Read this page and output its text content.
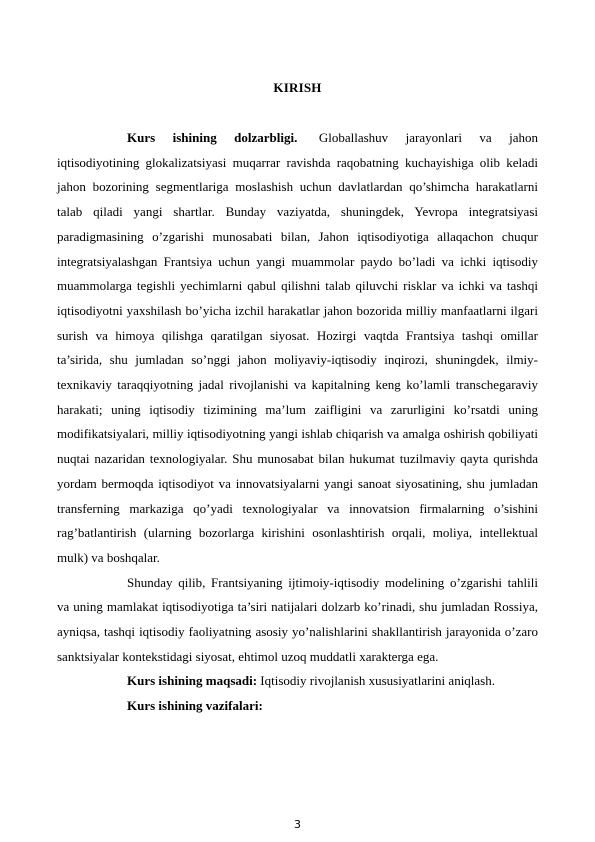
KIRISH

Kurs ishining dolzarbligi. Globallashuv jarayonlari va jahon iqtisodiyotining glokalizatsiyasi muqarrar ravishda raqobatning kuchayishiga olib keladi jahon bozorining segmentlariga moslashish uchun davlatlardan qo’shimcha harakatlarni talab qiladi yangi shartlar. Bunday vaziyatda, shuningdek, Yevropa integratsiyasi paradigmasining o’zgarishi munosabati bilan, Jahon iqtisodiyotiga allaqachon chuqur integratsiyalashgan Frantsiya uchun yangi muammolar paydo bo’ladi va ichki iqtisodiy muammolarga tegishli yechimlarni qabul qilishni talab qiluvchi risklar va ichki va tashqi iqtisodiyotni yaxshilash bo’yicha izchil harakatlar jahon bozorida milliy manfaatlarni ilgari surish va himoya qilishga qaratilgan siyosat. Hozirgi vaqtda Frantsiya tashqi omillar ta’sirida, shu jumladan so’nggi jahon moliyaviy-iqtisodiy inqirozi, shuningdek, ilmiy-texnikaviy taraqqiyotning jadal rivojlanishi va kapitalning keng ko’lamli transchegaraviy harakati; uning iqtisodiy tizimining ma’lum zaifligini va zarurligini ko’rsatdi uning modifikatsiyalari, milliy iqtisodiyotning yangi ishlab chiqarish va amalga oshirish qobiliyati nuqtai nazaridan texnologiyalar. Shu munosabat bilan hukumat tuzilmaviy qayta qurishda yordam bermoqda iqtisodiyot va innovatsiyalarni yangi sanoat siyosatining, shu jumladan transferning markaziga qo’yadi texnologiyalar va innovatsion firmalarning o’sishini rag’batlantirish (ularning bozorlarga kirishini osonlashtirish orqali, moliya, intellektual mulk) va boshqalar.

Shunday qilib, Frantsiyaning ijtimoiy-iqtisodiy modelining o’zgarishi tahlili va uning mamlakat iqtisodiyotiga ta’siri natijalari dolzarb ko’rinadi, shu jumladan Rossiya, ayniqsa, tashqi iqtisodiy faoliyatning asosiy yo’nalishlarini shakllantirish jarayonida o’zaro sanktsiyalar kontekstidagi siyosat, ehtimol uzoq muddatli xarakterga ega.

Kurs ishining maqsadi: Iqtisodiy rivojlanish xususiyatlarini aniqlash.

Kurs ishining vazifalari:

3
